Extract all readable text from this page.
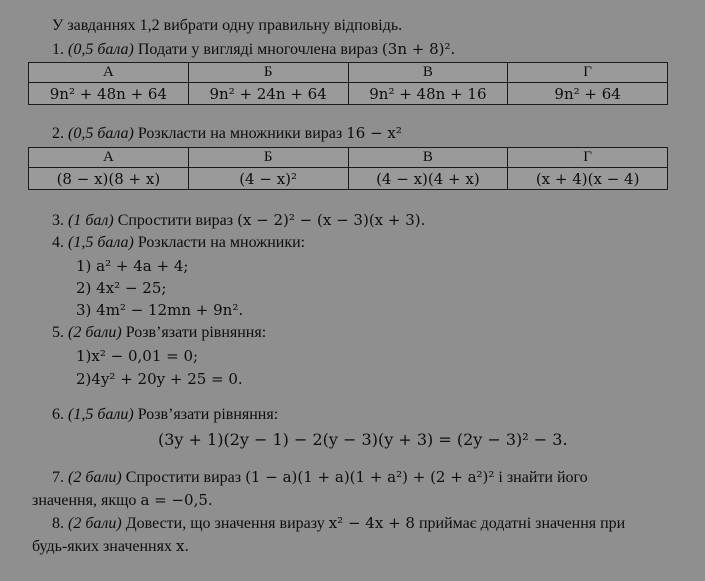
У завданнях 1,2 вибрати одну правильну відповідь.
1. (0,5 бала) Подати у вигляді многочлена вираз (3n + 8)².
А	Б	В	Г
9n² + 48n + 64	9n² + 24n + 64	9n² + 48n + 16	9n² + 64
2. (0,5 бала) Розкласти на множники вираз 16 − x²
А	Б	В	Г
(8 − x)(8 + x)	(4 − x)²	(4 − x)(4 + x)	(x + 4)(x − 4)
3. (1 бал) Спростити вираз (x − 2)² − (x − 3)(x + 3).
4. (1,5 бала) Розкласти на множники:
1) a² + 4a + 4;
2) 4x² − 25;
3) 4m² − 12mn + 9n².
5. (2 бали) Розв’язати рівняння:
1)x² − 0,01 = 0;
2)4y² + 20y + 25 = 0.
6. (1,5 бали) Розв’язати рівняння:
(3y + 1)(2y − 1) − 2(y − 3)(y + 3) = (2y − 3)² − 3.
7. (2 бали) Спростити вираз (1 − a)(1 + a)(1 + a²) + (2 + a²)² і знайти його
значення, якщо a = −0,5.
8. (2 бали) Довести, що значення виразу x² − 4x + 8 приймає додатні значення при
будь-яких значеннях x.
